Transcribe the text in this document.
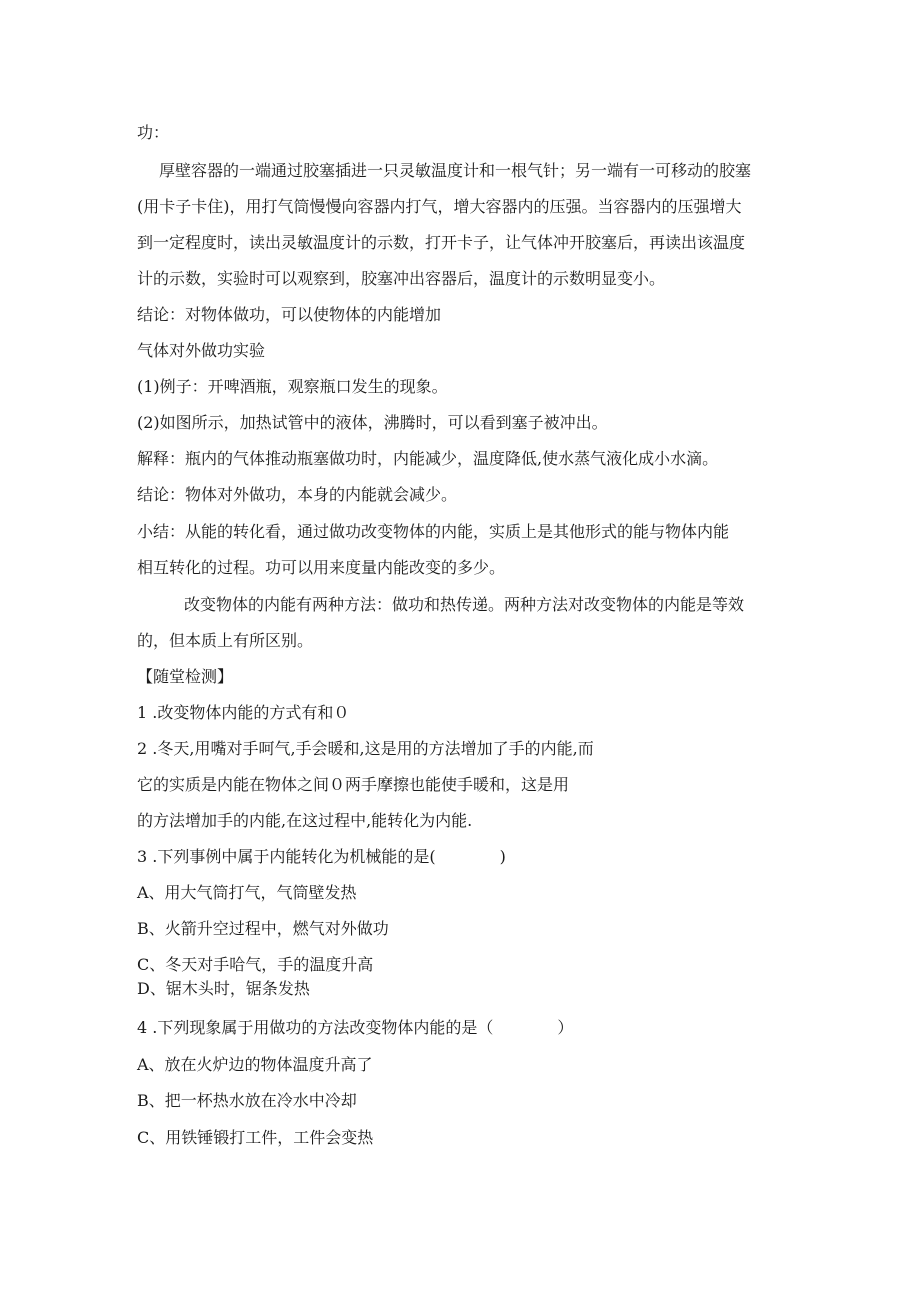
功：
厚壁容器的一端通过胶塞插进一只灵敏温度计和一根气针；另一端有一可移动的胶塞
(用卡子卡住)，用打气筒慢慢向容器内打气，增大容器内的压强。当容器内的压强增大
到一定程度时，读出灵敏温度计的示数，打开卡子，让气体冲开胶塞后，再读出该温度
计的示数，实验时可以观察到，胶塞冲出容器后，温度计的示数明显变小。
结论：对物体做功，可以使物体的内能增加
气体对外做功实验
(1)例子：开啤酒瓶，观察瓶口发生的现象。
(2)如图所示，加热试管中的液体，沸腾时，可以看到塞子被冲出。
解释：瓶内的气体推动瓶塞做功时，内能减少，温度降低,使水蒸气液化成小水滴。
结论：物体对外做功，本身的内能就会减少。
小结：从能的转化看，通过做功改变物体的内能，实质上是其他形式的能与物体内能
相互转化的过程。功可以用来度量内能改变的多少。
改变物体的内能有两种方法：做功和热传递。两种方法对改变物体的内能是等效
的，但本质上有所区别。
【随堂检测】
1 .改变物体内能的方式有和０
2 .冬天,用嘴对手呵气,手会暖和,这是用的方法增加了手的内能,而
它的实质是内能在物体之间０两手摩擦也能使手暖和，这是用
的方法增加手的内能,在这过程中,能转化为内能.
3 .下列事例中属于内能转化为机械能的是(　　　　)
A、用大气筒打气，气筒壁发热
B、火箭升空过程中，燃气对外做功
C、冬天对手哈气，手的温度升高
D、锯木头时，锯条发热
4 .下列现象属于用做功的方法改变物体内能的是（　　　　）
A、放在火炉边的物体温度升高了
B、把一杯热水放在冷水中冷却
C、用铁锤锻打工件，工件会变热
